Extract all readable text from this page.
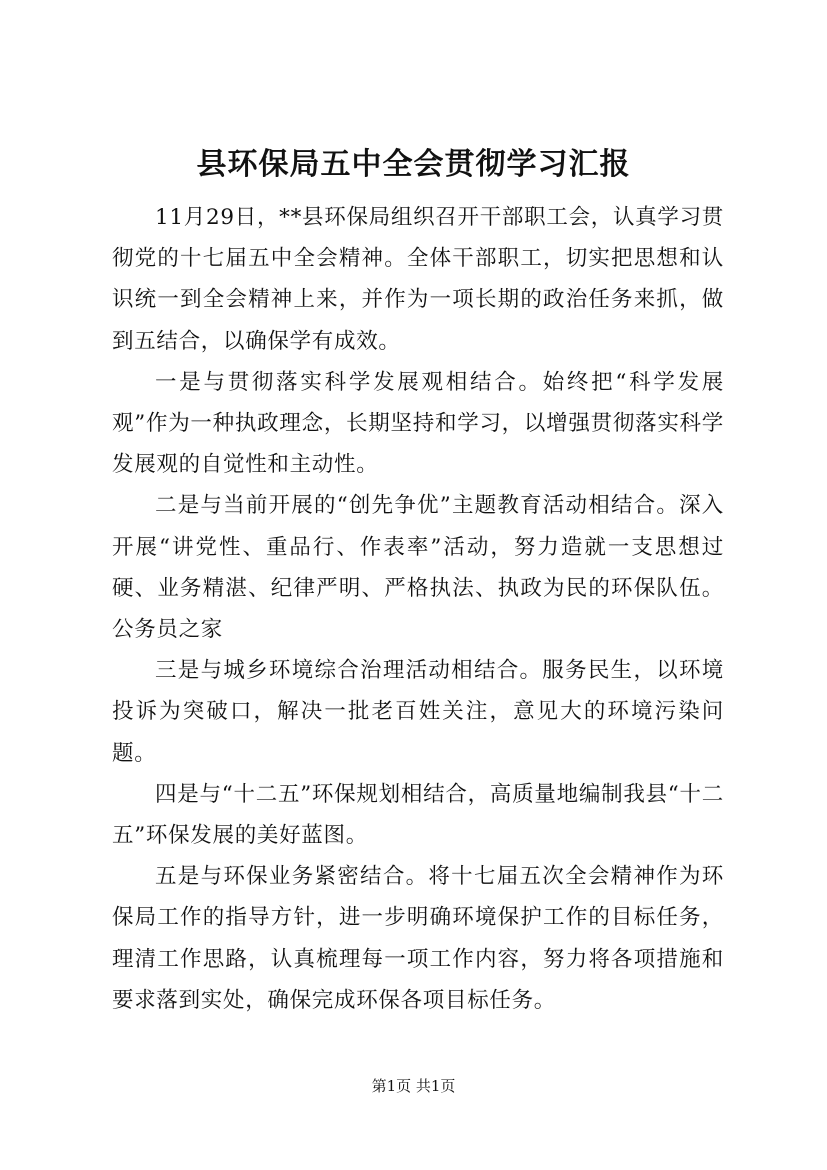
县环保局五中全会贯彻学习汇报

11月29日，**县环保局组织召开干部职工会，认真学习贯彻党的十七届五中全会精神。全体干部职工，切实把思想和认识统一到全会精神上来，并作为一项长期的政治任务来抓，做到五结合，以确保学有成效。

一是与贯彻落实科学发展观相结合。始终把“科学发展观”作为一种执政理念，长期坚持和学习，以增强贯彻落实科学发展观的自觉性和主动性。

二是与当前开展的“创先争优”主题教育活动相结合。深入开展“讲党性、重品行、作表率”活动，努力造就一支思想过硬、业务精湛、纪律严明、严格执法、执政为民的环保队伍。公务员之家

三是与城乡环境综合治理活动相结合。服务民生，以环境投诉为突破口，解决一批老百姓关注，意见大的环境污染问题。

四是与“十二五”环保规划相结合，高质量地编制我县“十二五”环保发展的美好蓝图。

五是与环保业务紧密结合。将十七届五次全会精神作为环保局工作的指导方针，进一步明确环境保护工作的目标任务，理清工作思路，认真梳理每一项工作内容，努力将各项措施和要求落到实处，确保完成环保各项目标任务。

第1页 共1页
